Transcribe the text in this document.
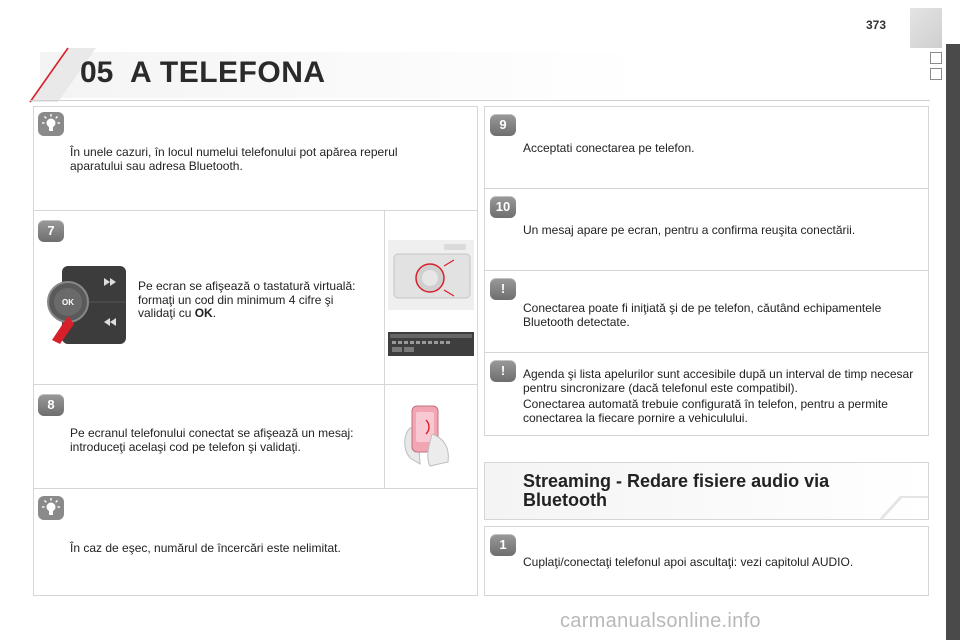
373
05 A TELEFONA
În unele cazuri, în locul numelui telefonului pot apărea reperul aparatului sau adresa Bluetooth.
7
OK
Pe ecran se afişează o tastatură virtuală: formaţi un cod din minimum 4 cifre şi validaţi cu OK.
8
Pe ecranul telefonului conectat se afişează un mesaj: introduceţi acelaşi cod pe telefon şi validaţi.
În caz de eşec, numărul de încercări este nelimitat.
9
Acceptati conectarea pe telefon.
10
Un mesaj apare pe ecran, pentru a confirma reuşita conectării.
!
Conectarea poate fi iniţiată şi de pe telefon, căutând echipamentele Bluetooth detectate.
!	Agenda şi lista apelurilor sunt accesibile după un interval de timp necesar pentru sincronizare (dacă telefonul este compatibil).
Conectarea automată trebuie configurată în telefon, pentru a permite conectarea la fiecare pornire a vehiculului.
Streaming - Redare fisiere audio via Bluetooth
1
Cuplaţi/conectaţi telefonul apoi ascultaţi: vezi capitolul AUDIO.
carmanualsonline.info
